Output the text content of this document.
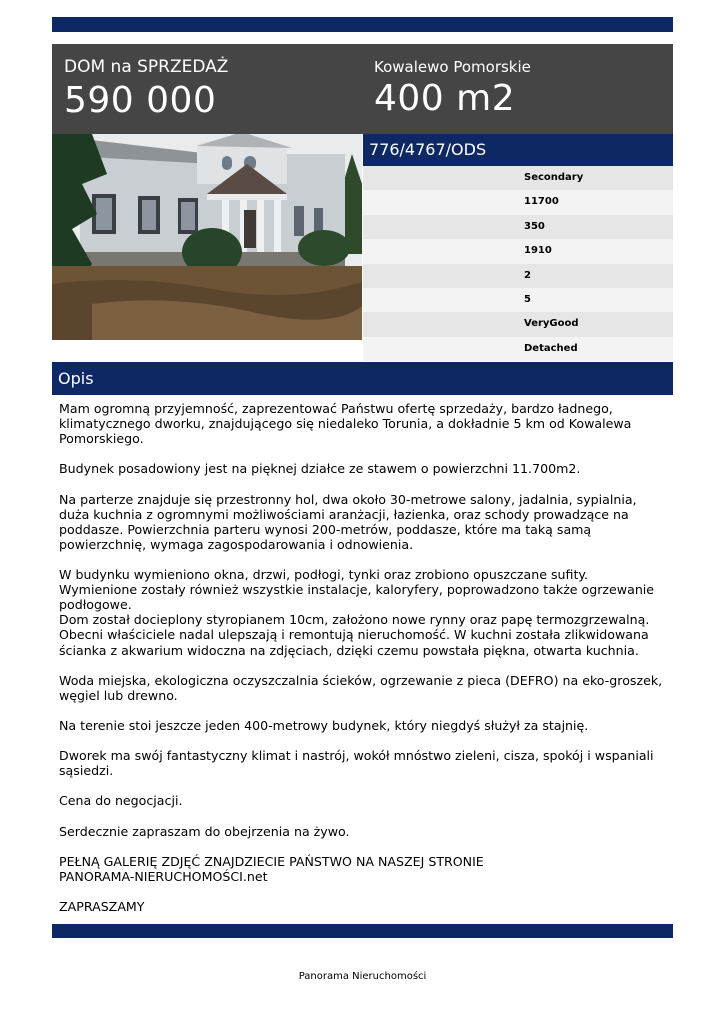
DOM na SPRZEDAŻ
590 000
Kowalewo Pomorskie
400 m2
776/4767/ODS
Secondary
11700
350
1910
2
5
VeryGood
Detached
Opis

Mam ogromną przyjemność, zaprezentować Państwu ofertę sprzedaży, bardzo ładnego, klimatycznego dworku, znajdującego się niedaleko Torunia, a dokładnie 5 km od Kowalewa Pomorskiego.

Budynek posadowiony jest na pięknej działce ze stawem o powierzchni 11.700m2.

Na parterze znajduje się przestronny hol, dwa około 30-metrowe salony, jadalnia, sypialnia, duża kuchnia z ogromnymi możliwościami aranżacji, łazienka, oraz schody prowadzące na poddasze. Powierzchnia parteru wynosi 200-metrów, poddasze, które ma taką samą powierzchnię, wymaga zagospodarowania i odnowienia.

W budynku wymieniono okna, drzwi, podłogi, tynki oraz zrobiono opuszczane sufity.
Wymienione zostały również wszystkie instalacje, kaloryfery, poprowadzono także ogrzewanie podłogowe.
Dom został docieplony styropianem 10cm, założono nowe rynny oraz papę termozgrzewalną. Obecni właściciele nadal ulepszają i remontują nieruchomość. W kuchni została zlikwidowana ścianka z akwarium widoczna na zdjęciach, dzięki czemu powstała piękna, otwarta kuchnia.

Woda miejska, ekologiczna oczyszczalnia ścieków, ogrzewanie z pieca (DEFRO) na eko-groszek, węgiel lub drewno.

Na terenie stoi jeszcze jeden 400-metrowy budynek, który niegdyś służył za stajnię.

Dworek ma swój fantastyczny klimat i nastrój, wokół mnóstwo zieleni, cisza, spokój i wspaniali sąsiedzi.

Cena do negocjacji.

Serdecznie zapraszam do obejrzenia na żywo.

PEŁNĄ GALERIĘ ZDJĘĆ ZNAJDZIECIE PAŃSTWO NA NASZEJ STRONIE
PANORAMA-NIERUCHOMOŚCI.net

ZAPRASZAMY

Panorama Nieruchomości
